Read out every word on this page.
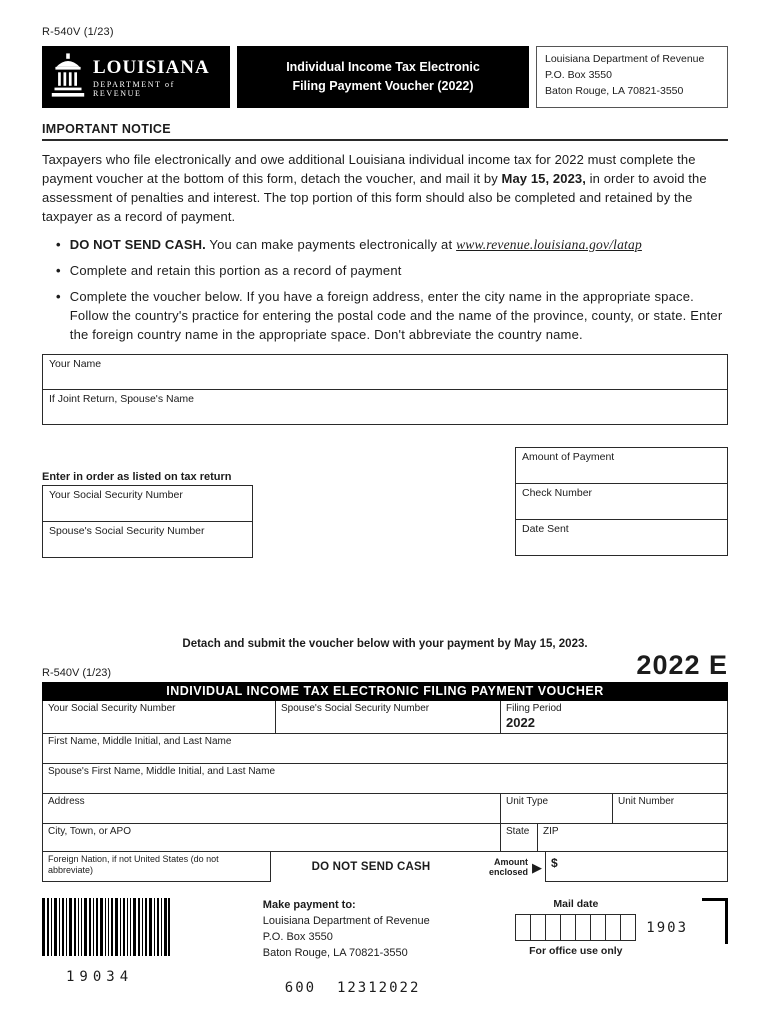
R-540V (1/23)
LOUISIANA
DEPARTMENT of REVENUE
Individual Income Tax Electronic
Filing Payment Voucher (2022)
Louisiana Department of Revenue
P.O. Box 3550
Baton Rouge, LA 70821-3550
IMPORTANT NOTICE

Taxpayers who file electronically and owe additional Louisiana individual income tax for 2022 must complete the payment voucher at the bottom of this form, detach the voucher, and mail it by May 15, 2023, in order to avoid the assessment of penalties and interest. The top portion of this form should also be completed and retained by the taxpayer as a record of payment.

• DO NOT SEND CASH. You can make payments electronically at www.revenue.louisiana.gov/latap
• Complete and retain this portion as a record of payment
• Complete the voucher below. If you have a foreign address, enter the city name in the appropriate space. Follow the country's practice for entering the postal code and the name of the province, county, or state. Enter the foreign country name in the appropriate space. Don't abbreviate the country name.
Your Name
If Joint Return, Spouse's Name
Enter in order as listed on tax return
Your Social Security Number
Spouse's Social Security Number
Amount of Payment
Check Number
Date Sent
Detach and submit the voucher below with your payment by May 15, 2023.
R-540V (1/23)	2022 E
INDIVIDUAL INCOME TAX ELECTRONIC FILING PAYMENT VOUCHER
Your Social Security Number	Spouse's Social Security Number	Filing Period
2022
First Name, Middle Initial, and Last Name
Spouse's First Name, Middle Initial, and Last Name
Address	Unit Type	Unit Number
City, Town, or APO	State	ZIP
Foreign Nation, if not United States (do not abbreviate)	DO NOT SEND CASH	Amount enclosed ▶ $
19034
Make payment to:
Louisiana Department of Revenue
P.O. Box 3550
Baton Rouge, LA 70821-3550
600  12312022
Mail date
For office use only
1903
